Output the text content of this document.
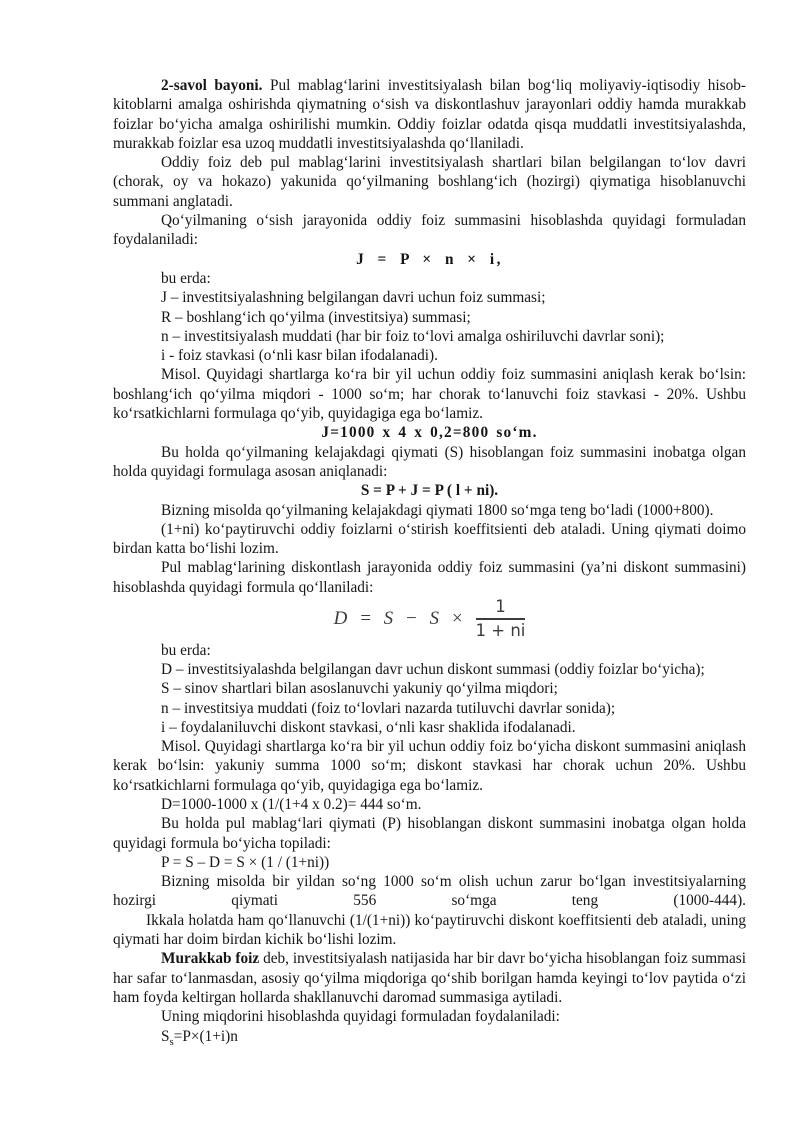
2-savol bayoni. Pul mablag‘larini investitsiyalash bilan bog‘liq moliyaviy-iqtisodiy hisob-kitoblarni amalga oshirishda qiymatning o‘sish va diskontlashuv jarayonlari oddiy hamda murakkab foizlar bo‘yicha amalga oshirilishi mumkin. Oddiy foizlar odatda qisqa muddatli investitsiyalashda, murakkab foizlar esa uzoq muddatli investitsiyalashda qo‘llaniladi.

Oddiy foiz deb pul mablag‘larini investitsiyalash shartlari bilan belgilangan to‘lov davri (chorak, oy va hokazo) yakunida qo‘yilmaning boshlang‘ich (hozirgi) qiymatiga hisoblanuvchi summani anglatadi.

Qo‘yilmaning o‘sish jarayonida oddiy foiz summasini hisoblashda quyidagi formuladan foydalaniladi:

J = P × n × i,

bu erda:

J – investitsiyalashning belgilangan davri uchun foiz summasi;

R – boshlang‘ich qo‘yilma (investitsiya) summasi;

n – investitsiyalash muddati (har bir foiz to‘lovi amalga oshiriluvchi davrlar soni);

i - foiz stavkasi (o‘nli kasr bilan ifodalanadi).

Misol. Quyidagi shartlarga ko‘ra bir yil uchun oddiy foiz summasini aniqlash kerak bo‘lsin: boshlang‘ich qo‘yilma miqdori - 1000 so‘m; har chorak to‘lanuvchi foiz stavkasi - 20%. Ushbu ko‘rsatkichlarni formulaga qo‘yib, quyidagiga ega bo‘lamiz.

J=1000 x 4 x 0,2=800 so‘m.

Bu holda qo‘yilmaning kelajakdagi qiymati (S) hisoblangan foiz summasini inobatga olgan holda quyidagi formulaga asosan aniqlanadi:

S = P + J = P ( l + ni).

Bizning misolda qo‘yilmaning kelajakdagi qiymati 1800 so‘mga teng bo‘ladi (1000+800).

(1+ni) ko‘paytiruvchi oddiy foizlarni o‘stirish koeffitsienti deb ataladi. Uning qiymati doimo birdan katta bo‘lishi lozim.

Pul mablag‘larining diskontlash jarayonida oddiy foiz summasini (ya’ni diskont summasini) hisoblashda quyidagi formula qo‘llaniladi:

$D = S - S \times \frac{1}{1 + ni}$

bu erda:

D – investitsiyalashda belgilangan davr uchun diskont summasi (oddiy foizlar bo‘yicha);

S – sinov shartlari bilan asoslanuvchi yakuniy qo‘yilma miqdori;

n – investitsiya muddati (foiz to‘lovlari nazarda tutiluvchi davrlar sonida);

i – foydalaniluvchi diskont stavkasi, o‘nli kasr shaklida ifodalanadi.

Misol. Quyidagi shartlarga ko‘ra bir yil uchun oddiy foiz bo‘yicha diskont summasini aniqlash kerak bo‘lsin: yakuniy summa 1000 so‘m; diskont stavkasi har chorak uchun 20%. Ushbu ko‘rsatkichlarni formulaga qo‘yib, quyidagiga ega bo‘lamiz.

D=1000-1000 x (1/(1+4 x 0.2)= 444 so‘m.

Bu holda pul mablag‘lari qiymati (P) hisoblangan diskont summasini inobatga olgan holda quyidagi formula bo‘yicha topiladi:

P = S – D = S × (1 / (1+ni))

Bizning misolda bir yildan so‘ng 1000 so‘m olish uchun zarur bo‘lgan investitsiyalarning hozirgi qiymati 556 so‘mga teng (1000-444).

Ikkala holatda ham qo‘llanuvchi (1/(1+ni)) ko‘paytiruvchi diskont koeffitsienti deb ataladi, uning qiymati har doim birdan kichik bo‘lishi lozim.

Murakkab foiz deb, investitsiyalash natijasida har bir davr bo‘yicha hisoblangan foiz summasi har safar to‘lanmasdan, asosiy qo‘yilma miqdoriga qo‘shib borilgan hamda keyingi to‘lov paytida o‘zi ham foyda keltirgan hollarda shakllanuvchi daromad summasiga aytiladi.

Uning miqdorini hisoblashda quyidagi formuladan foydalaniladi:

$S_s=P\times(1+i)n$
